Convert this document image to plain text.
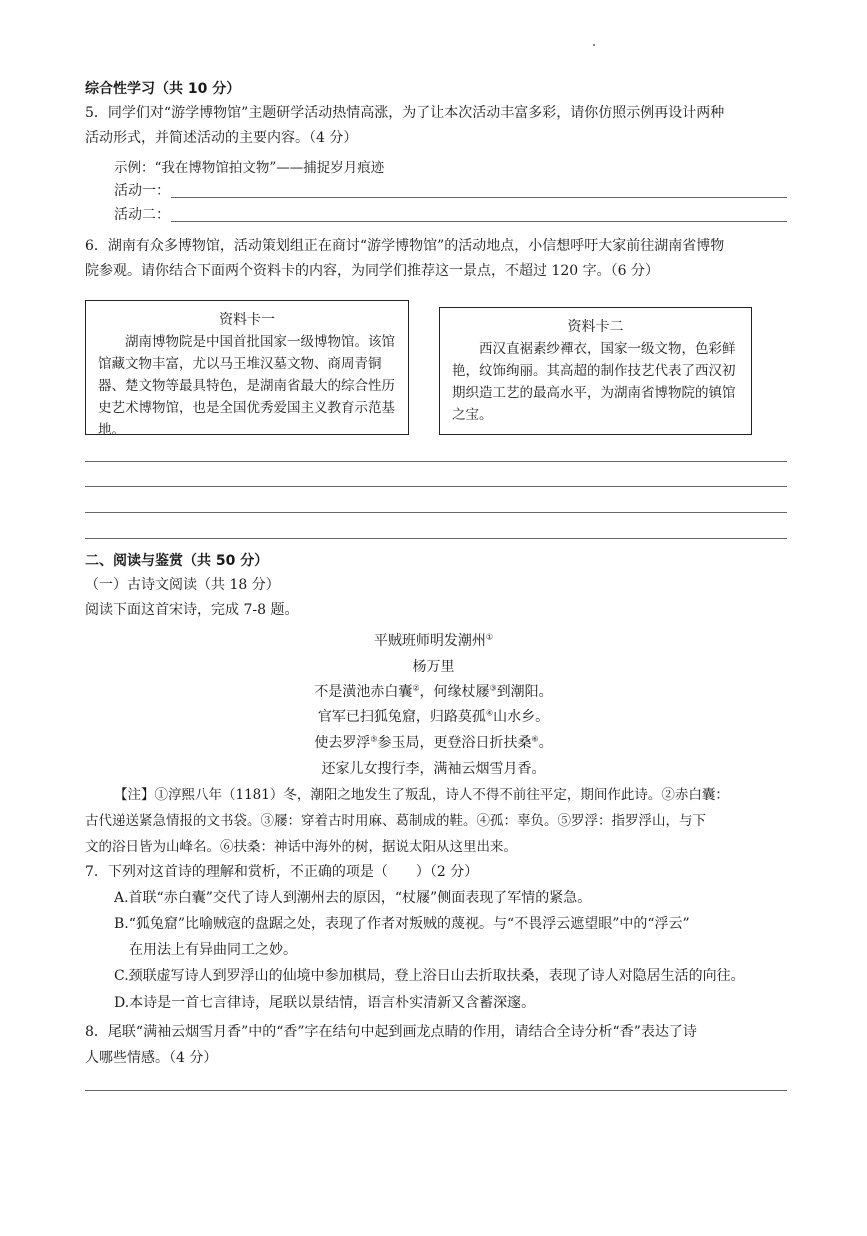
综合性学习（共 10 分）
5．同学们对“游学博物馆”主题研学活动热情高涨，为了让本次活动丰富多彩，请你仿照示例再设计两种
活动形式，并简述活动的主要内容。（4 分）
示例：“我在博物馆拍文物”——捕捉岁月痕迹
活动一：
活动二：
6．湖南有众多博物馆，活动策划组正在商讨“游学博物馆”的活动地点，小信想呼吁大家前往湖南省博物
院参观。请你结合下面两个资料卡的内容，为同学们推荐这一景点，不超过 120 字。（6 分）
资料卡一
湖南博物院是中国首批国家一级博物馆。该馆馆藏文物丰富，尤以马王堆汉墓文物、商周青铜器、楚文物等最具特色，是湖南省最大的综合性历史艺术博物馆，也是全国优秀爱国主义教育示范基地。
资料卡二
西汉直裾素纱襌衣，国家一级文物，色彩鲜艳，纹饰绚丽。其高超的制作技艺代表了西汉初期织造工艺的最高水平，为湖南省博物院的镇馆之宝。
二、阅读与鉴赏（共 50 分）
（一）古诗文阅读（共 18 分）
阅读下面这首宋诗，完成 7-8 题。
平贼班师明发潮州①
杨万里
不是潢池赤白囊②，何缘杖屦③到潮阳。
官军已扫狐兔窟，归路莫孤④山水乡。
使去罗浮⑤参玉局，更登浴日折扶桑⑥。
还家儿女搜行李，满袖云烟雪月香。
【注】①淳熙八年（1181）冬，潮阳之地发生了叛乱，诗人不得不前往平定，期间作此诗。②赤白囊：
古代递送紧急情报的文书袋。③屦：穿着古时用麻、葛制成的鞋。④孤：辜负。⑤罗浮：指罗浮山，与下
文的浴日皆为山峰名。⑥扶桑：神话中海外的树，据说太阳从这里出来。
7．下列对这首诗的理解和赏析，不正确的项是（　　）（2 分）
A.首联“赤白囊”交代了诗人到潮州去的原因，“杖屦”侧面表现了军情的紧急。
B.“狐兔窟”比喻贼寇的盘踞之处，表现了作者对叛贼的蔑视。与“不畏浮云遮望眼”中的“浮云”
在用法上有异曲同工之妙。
C.颈联虚写诗人到罗浮山的仙境中参加棋局，登上浴日山去折取扶桑，表现了诗人对隐居生活的向往。
D.本诗是一首七言律诗，尾联以景结情，语言朴实清新又含蓄深邃。
8．尾联“满袖云烟雪月香”中的“香”字在结句中起到画龙点睛的作用，请结合全诗分析“香”表达了诗
人哪些情感。（4 分）
